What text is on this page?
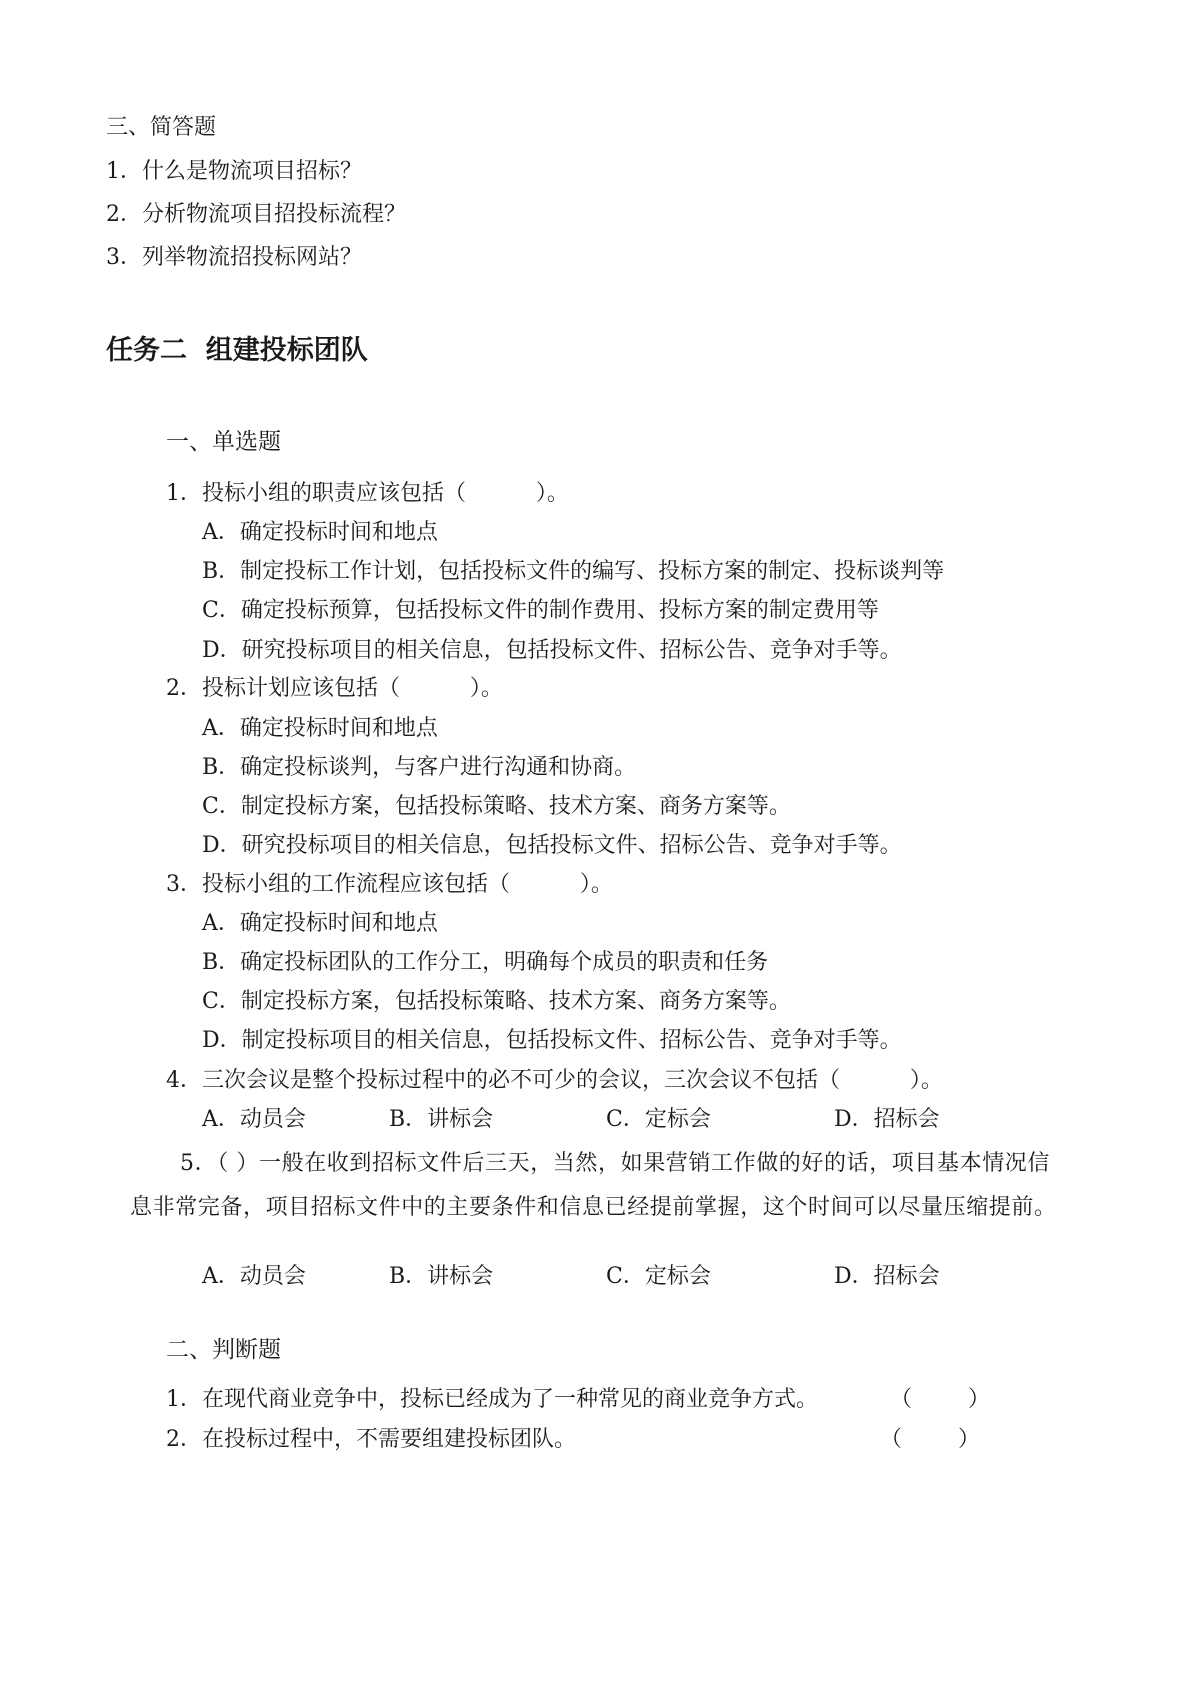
三、简答题
1．什么是物流项目招标？
2．分析物流项目招投标流程？
3．列举物流招投标网站？
任务二  组建投标团队
一、单选题
1．投标小组的职责应该包括（          ）。
A．确定投标时间和地点
B．制定投标工作计划，包括投标文件的编写、投标方案的制定、投标谈判等
C．确定投标预算，包括投标文件的制作费用、投标方案的制定费用等
D．研究投标项目的相关信息，包括投标文件、招标公告、竞争对手等。
2．投标计划应该包括（          ）。
A．确定投标时间和地点
B．确定投标谈判，与客户进行沟通和协商。
C．制定投标方案，包括投标策略、技术方案、商务方案等。
D．研究投标项目的相关信息，包括投标文件、招标公告、竞争对手等。
3．投标小组的工作流程应该包括（          ）。
A．确定投标时间和地点
B．确定投标团队的工作分工，明确每个成员的职责和任务
C．制定投标方案，包括投标策略、技术方案、商务方案等。
D．制定投标项目的相关信息，包括投标文件、招标公告、竞争对手等。
4．三次会议是整个投标过程中的必不可少的会议，三次会议不包括（          ）。
A．动员会	B．讲标会	C．定标会	D．招标会
5．（ ）一般在收到招标文件后三天，当然，如果营销工作做的好的话，项目基本情况信息非常完备，项目招标文件中的主要条件和信息已经提前掌握，这个时间可以尽量压缩提前。
A．动员会	B．讲标会	C．定标会	D．招标会
二、判断题
1．在现代商业竞争中，投标已经成为了一种常见的商业竞争方式。	（        ）
2．在投标过程中，不需要组建投标团队。	（        ）
